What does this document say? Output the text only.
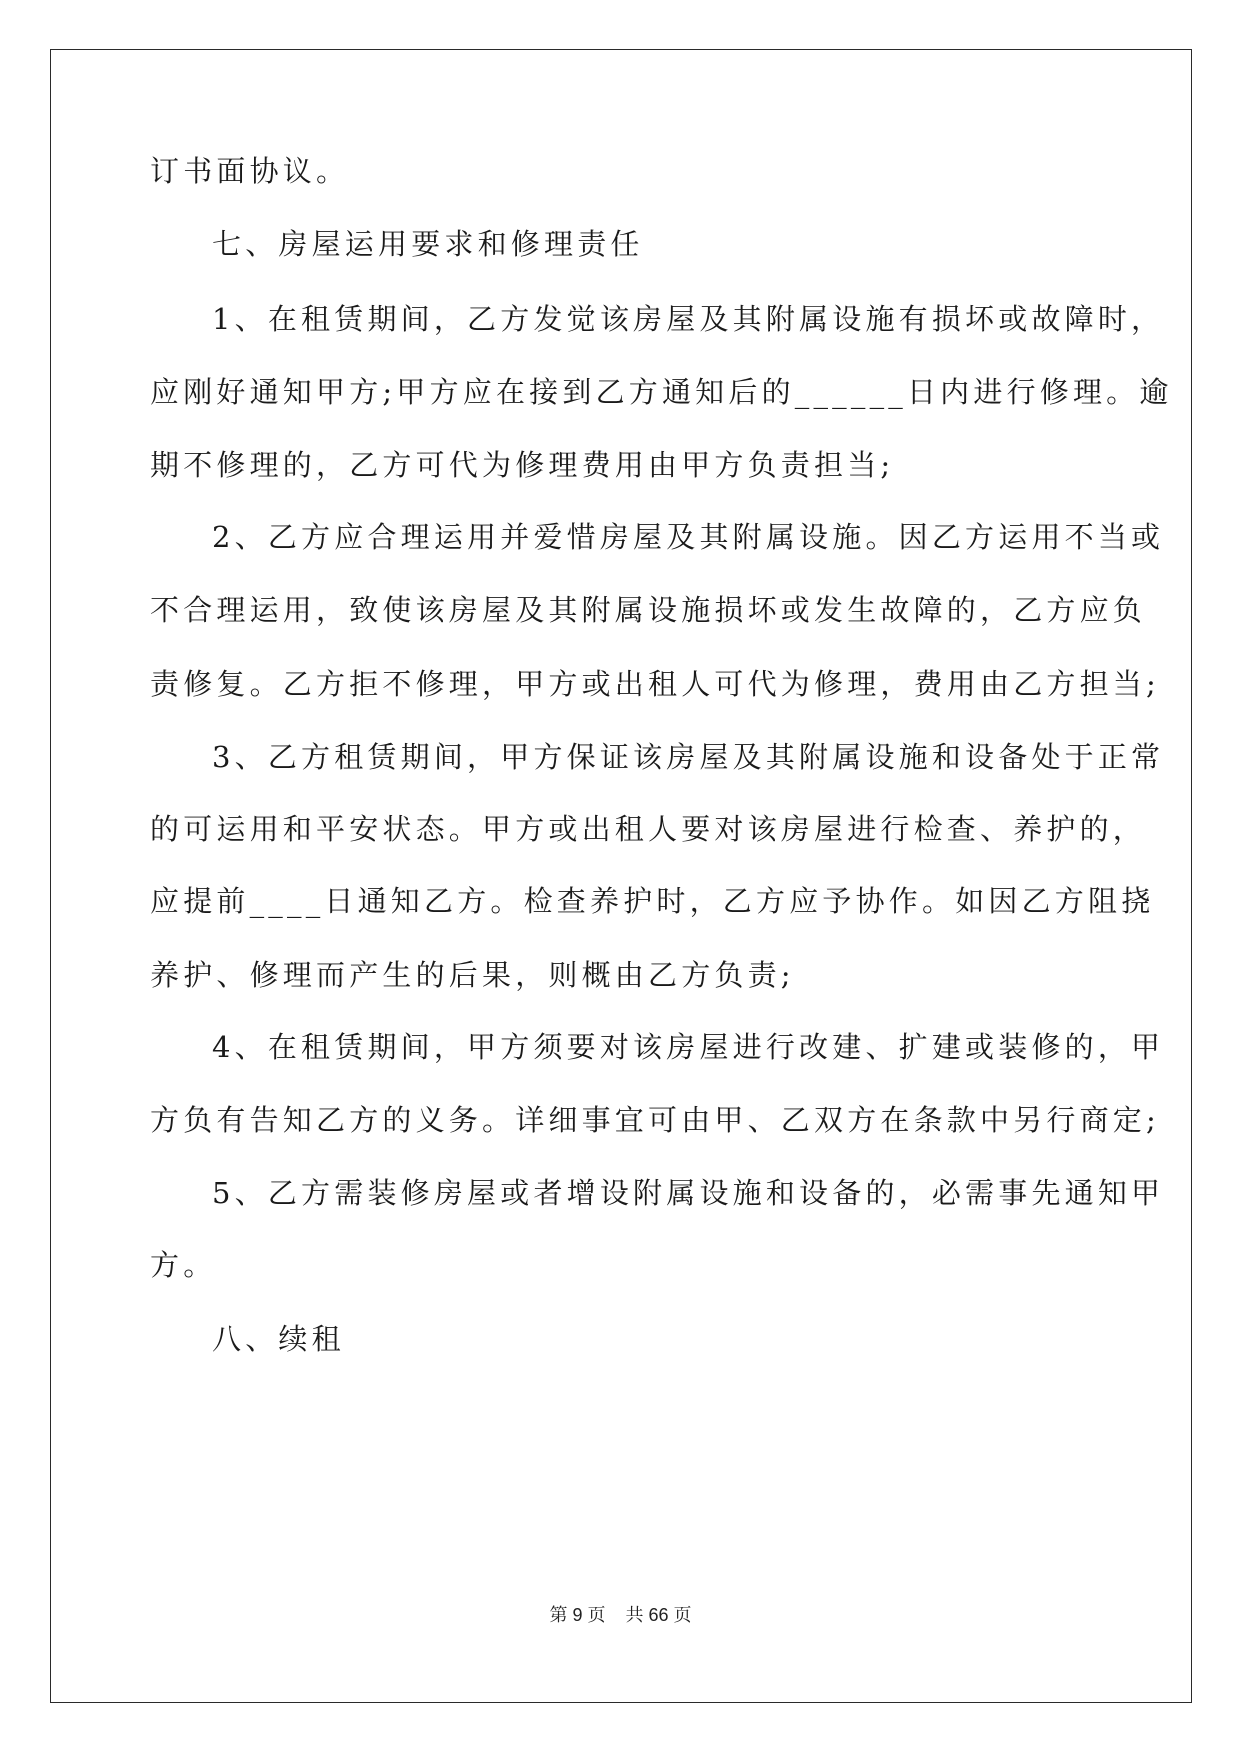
订书面协议。
七、房屋运用要求和修理责任
1、在租赁期间，乙方发觉该房屋及其附属设施有损坏或故障时，
应刚好通知甲方;甲方应在接到乙方通知后的______日内进行修理。逾
期不修理的，乙方可代为修理费用由甲方负责担当;
2、乙方应合理运用并爱惜房屋及其附属设施。因乙方运用不当或
不合理运用，致使该房屋及其附属设施损坏或发生故障的，乙方应负
责修复。乙方拒不修理，甲方或出租人可代为修理，费用由乙方担当;
3、乙方租赁期间，甲方保证该房屋及其附属设施和设备处于正常
的可运用和平安状态。甲方或出租人要对该房屋进行检查、养护的，
应提前____日通知乙方。检查养护时，乙方应予协作。如因乙方阻挠
养护、修理而产生的后果，则概由乙方负责;
4、在租赁期间，甲方须要对该房屋进行改建、扩建或装修的，甲
方负有告知乙方的义务。详细事宜可由甲、乙双方在条款中另行商定;
5、乙方需装修房屋或者增设附属设施和设备的，必需事先通知甲
方。
八、续租
第 9 页 共 66 页
